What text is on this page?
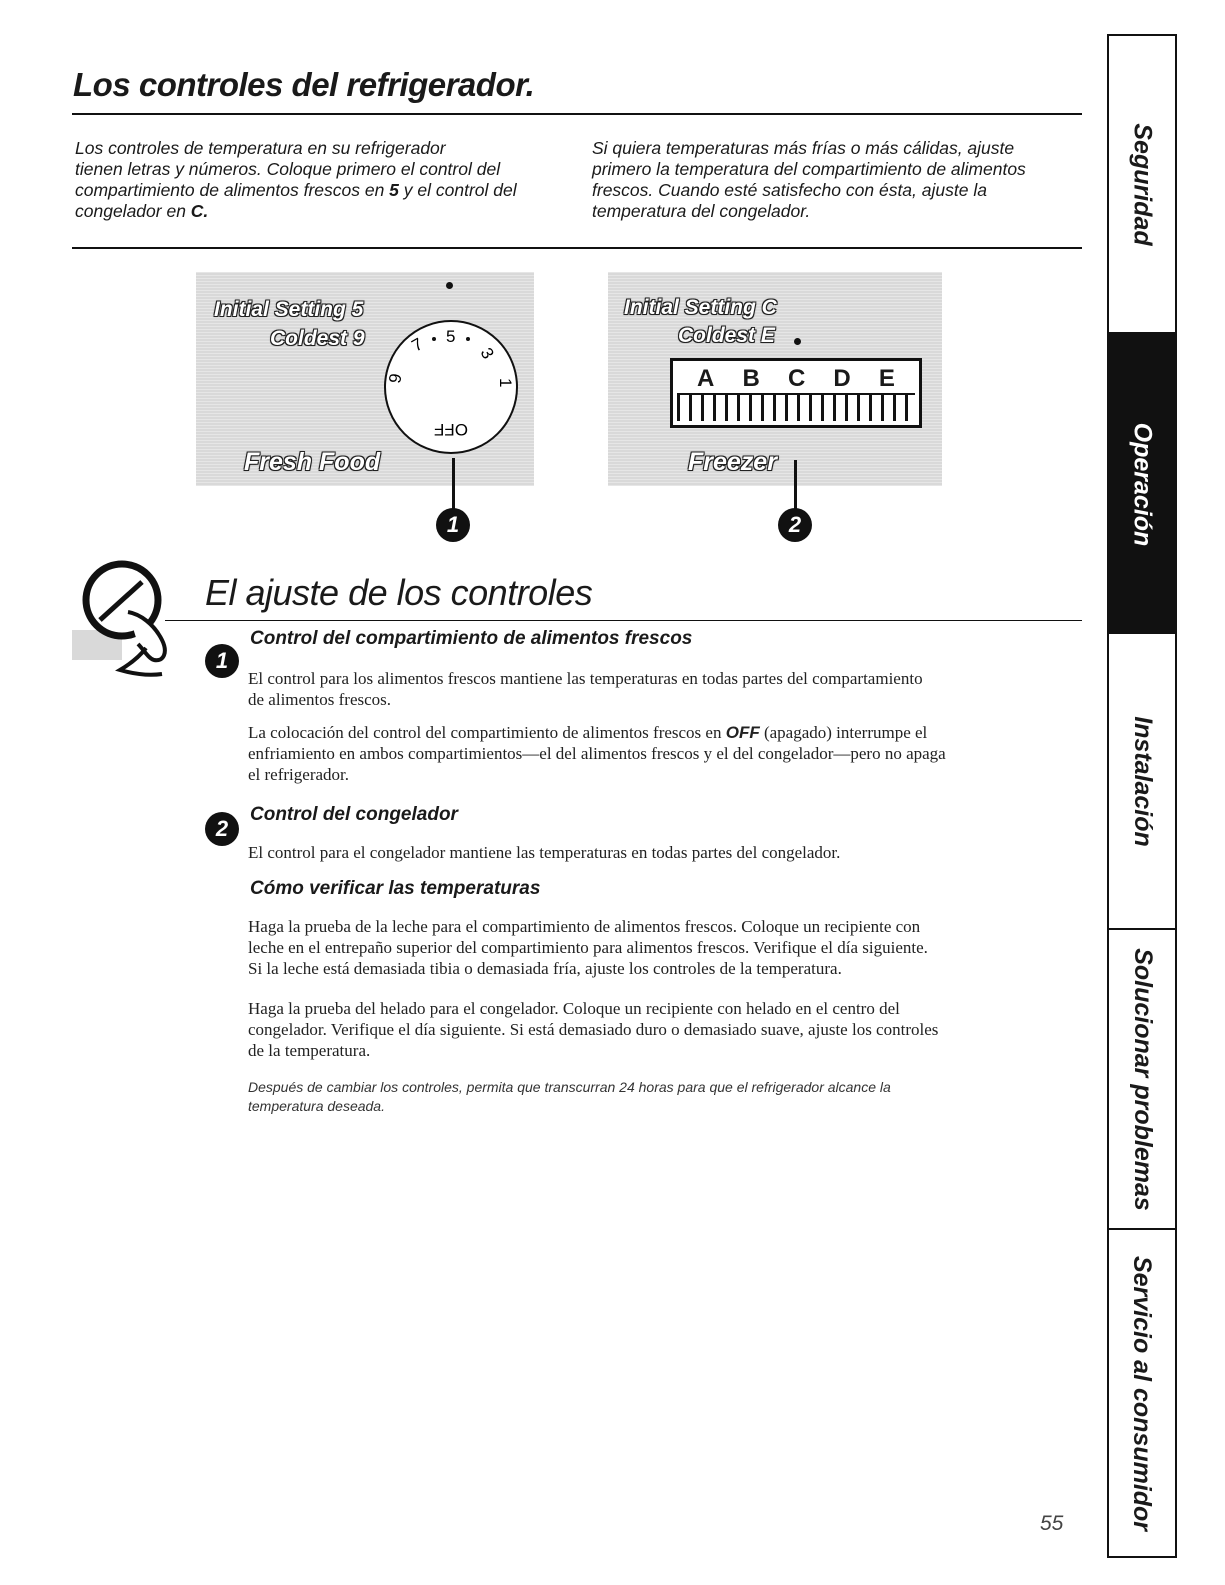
Los controles del refrigerador.
Los controles de temperatura en su refrigerador
tienen letras y números. Coloque primero el control del
compartimiento de alimentos frescos en 5 y el control del
congelador en C.
Si quiera temperaturas más frías o más cálidas, ajuste
primero la temperatura del compartimiento de alimentos
frescos. Cuando esté satisfecho con ésta, ajuste la
temperatura del congelador.
Initial Setting 5
Coldest 9
Fresh Food
7 5
3
1
9
OFF
1
Initial Setting C
Coldest E
A B C D E
Freezer
2
El ajuste de los controles
1
Control del compartimiento de alimentos frescos
El control para los alimentos frescos mantiene las temperaturas en todas partes del compartamiento
de alimentos frescos.
La colocación del control del compartimiento de alimentos frescos en OFF (apagado) interrumpe el
enfriamiento en ambos compartimientos—el del alimentos frescos y el del congelador—pero no apaga
el refrigerador.
2
Control del congelador
El control para el congelador mantiene las temperaturas en todas partes del congelador.
Cómo verificar las temperaturas
Haga la prueba de la leche para el compartimiento de alimentos frescos. Coloque un recipiente con
leche en el entrepaño superior del compartimiento para alimentos frescos. Verifique el día siguiente.
Si la leche está demasiada tibia o demasiada fría, ajuste los controles de la temperatura.
Haga la prueba del helado para el congelador. Coloque un recipiente con helado en el centro del
congelador. Verifique el día siguiente. Si está demasiado duro o demasiado suave, ajuste los controles
de la temperatura.
Después de cambiar los controles, permita que transcurran 24 horas para que el refrigerador alcance la
temperatura deseada.
Seguridad
Operación
Instalación
Solucionar problemas
Servicio al consumidor
55
